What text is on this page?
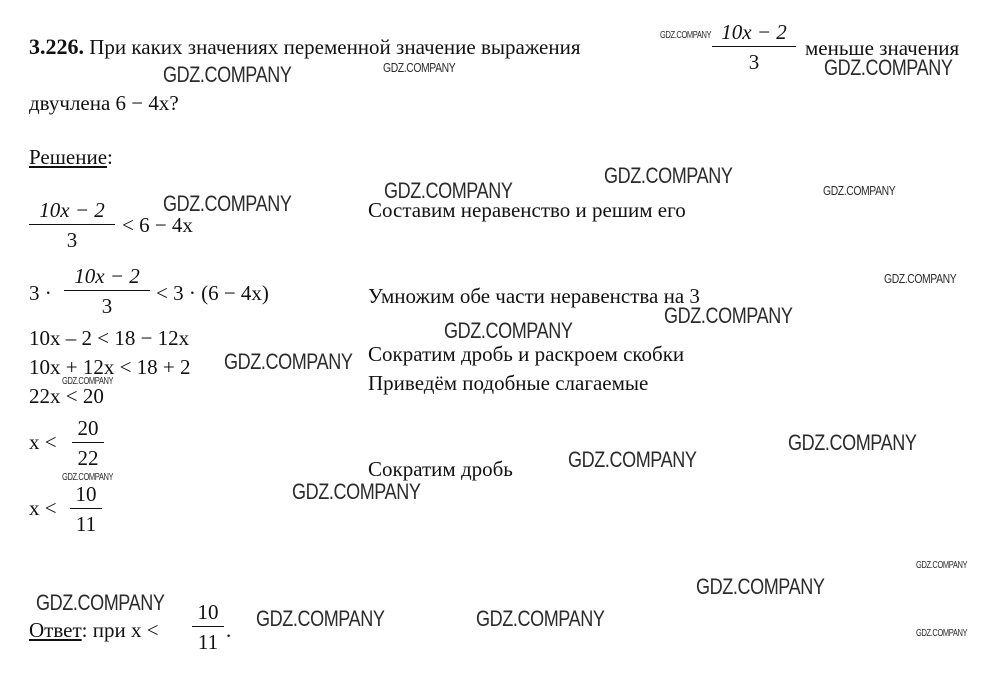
3.226. При каких значениях переменной значение выражения
10x − 2
3
меньше значения
двучлена 6 − 4x?
Решение:
10x − 2
3
< 6 − 4x
Составим неравенство и решим его
3 ·
10x − 2
3
< 3 · (6 − 4x)	Умножим обе части неравенства на 3
10x – 2 < 18 − 12x
Сократим дробь и раскроем скобки
10x + 12x < 18 + 2
Приведём подобные слагаемые
22x < 20
x <
20
22	Сократим дробь
x <
10
11
Ответ: при x <
10
11 .
GDZ.COMPANY
GDZ.COMPANY	GDZ.COMPANY	GDZ.COMPANY
GDZ.COMPANY
GDZ.COMPANY	GDZ.COMPANY
GDZ.COMPANY
GDZ.COMPANY
GDZ.COMPANY
GDZ.COMPANY
GDZ.COMPANY
GDZ.COMPANY
GDZ.COMPANY
GDZ.COMPANY
GDZ.COMPANY
GDZ.COMPANY
GDZ.COMPANY
GDZ.COMPANY
GDZ.COMPANY
GDZ.COMPANY	GDZ.COMPANY
GDZ.COMPANY
